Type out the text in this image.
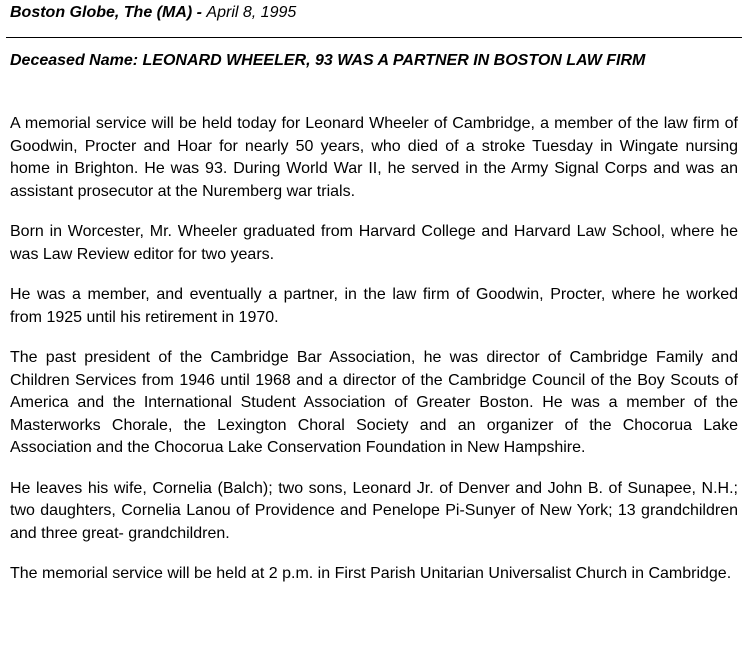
Boston Globe, The (MA) - April 8, 1995
Deceased Name: LEONARD WHEELER, 93 WAS A PARTNER IN BOSTON LAW FIRM

A memorial service will be held today for Leonard Wheeler of Cambridge, a member of the law firm of Goodwin, Procter and Hoar for nearly 50 years, who died of a stroke Tuesday in Wingate nursing home in Brighton. He was 93. During World War II, he served in the Army Signal Corps and was an assistant prosecutor at the Nuremberg war trials.

Born in Worcester, Mr. Wheeler graduated from Harvard College and Harvard Law School, where he was Law Review editor for two years.

He was a member, and eventually a partner, in the law firm of Goodwin, Procter, where he worked from 1925 until his retirement in 1970.

The past president of the Cambridge Bar Association, he was director of Cambridge Family and Children Services from 1946 until 1968 and a director of the Cambridge Council of the Boy Scouts of America and the International Student Association of Greater Boston. He was a member of the Masterworks Chorale, the Lexington Choral Society and an organizer of the Chocorua Lake Association and the Chocorua Lake Conservation Foundation in New Hampshire.

He leaves his wife, Cornelia (Balch); two sons, Leonard Jr. of Denver and John B. of Sunapee, N.H.; two daughters, Cornelia Lanou of Providence and Penelope Pi-Sunyer of New York; 13 grandchildren and three great- grandchildren.

The memorial service will be held at 2 p.m. in First Parish Unitarian Universalist Church in Cambridge.
